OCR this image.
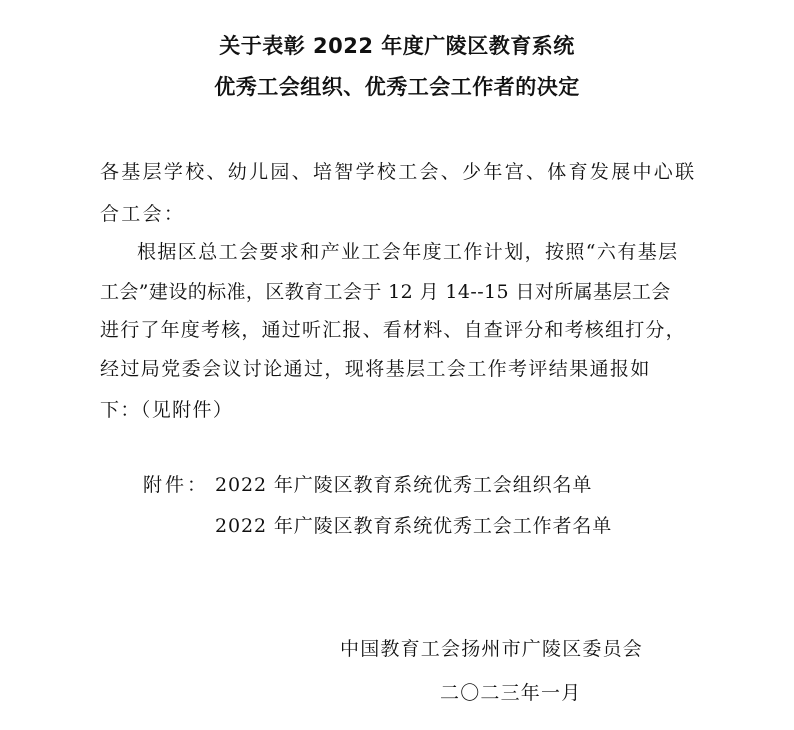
关于表彰 2022 年度广陵区教育系统
优秀工会组织、优秀工会工作者的决定
各基层学校、幼儿园、培智学校工会、少年宫、体育发展中心联
合工会：
根据区总工会要求和产业工会年度工作计划，按照“六有基层
工会”建设的标准，区教育工会于 12 月 14--15 日对所属基层工会
进行了年度考核，通过听汇报、看材料、自查评分和考核组打分，
经过局党委会议讨论通过，现将基层工会工作考评结果通报如
下：（见附件）
附件： 2022 年广陵区教育系统优秀工会组织名单
2022 年广陵区教育系统优秀工会工作者名单
中国教育工会扬州市广陵区委员会
二〇二三年一月
